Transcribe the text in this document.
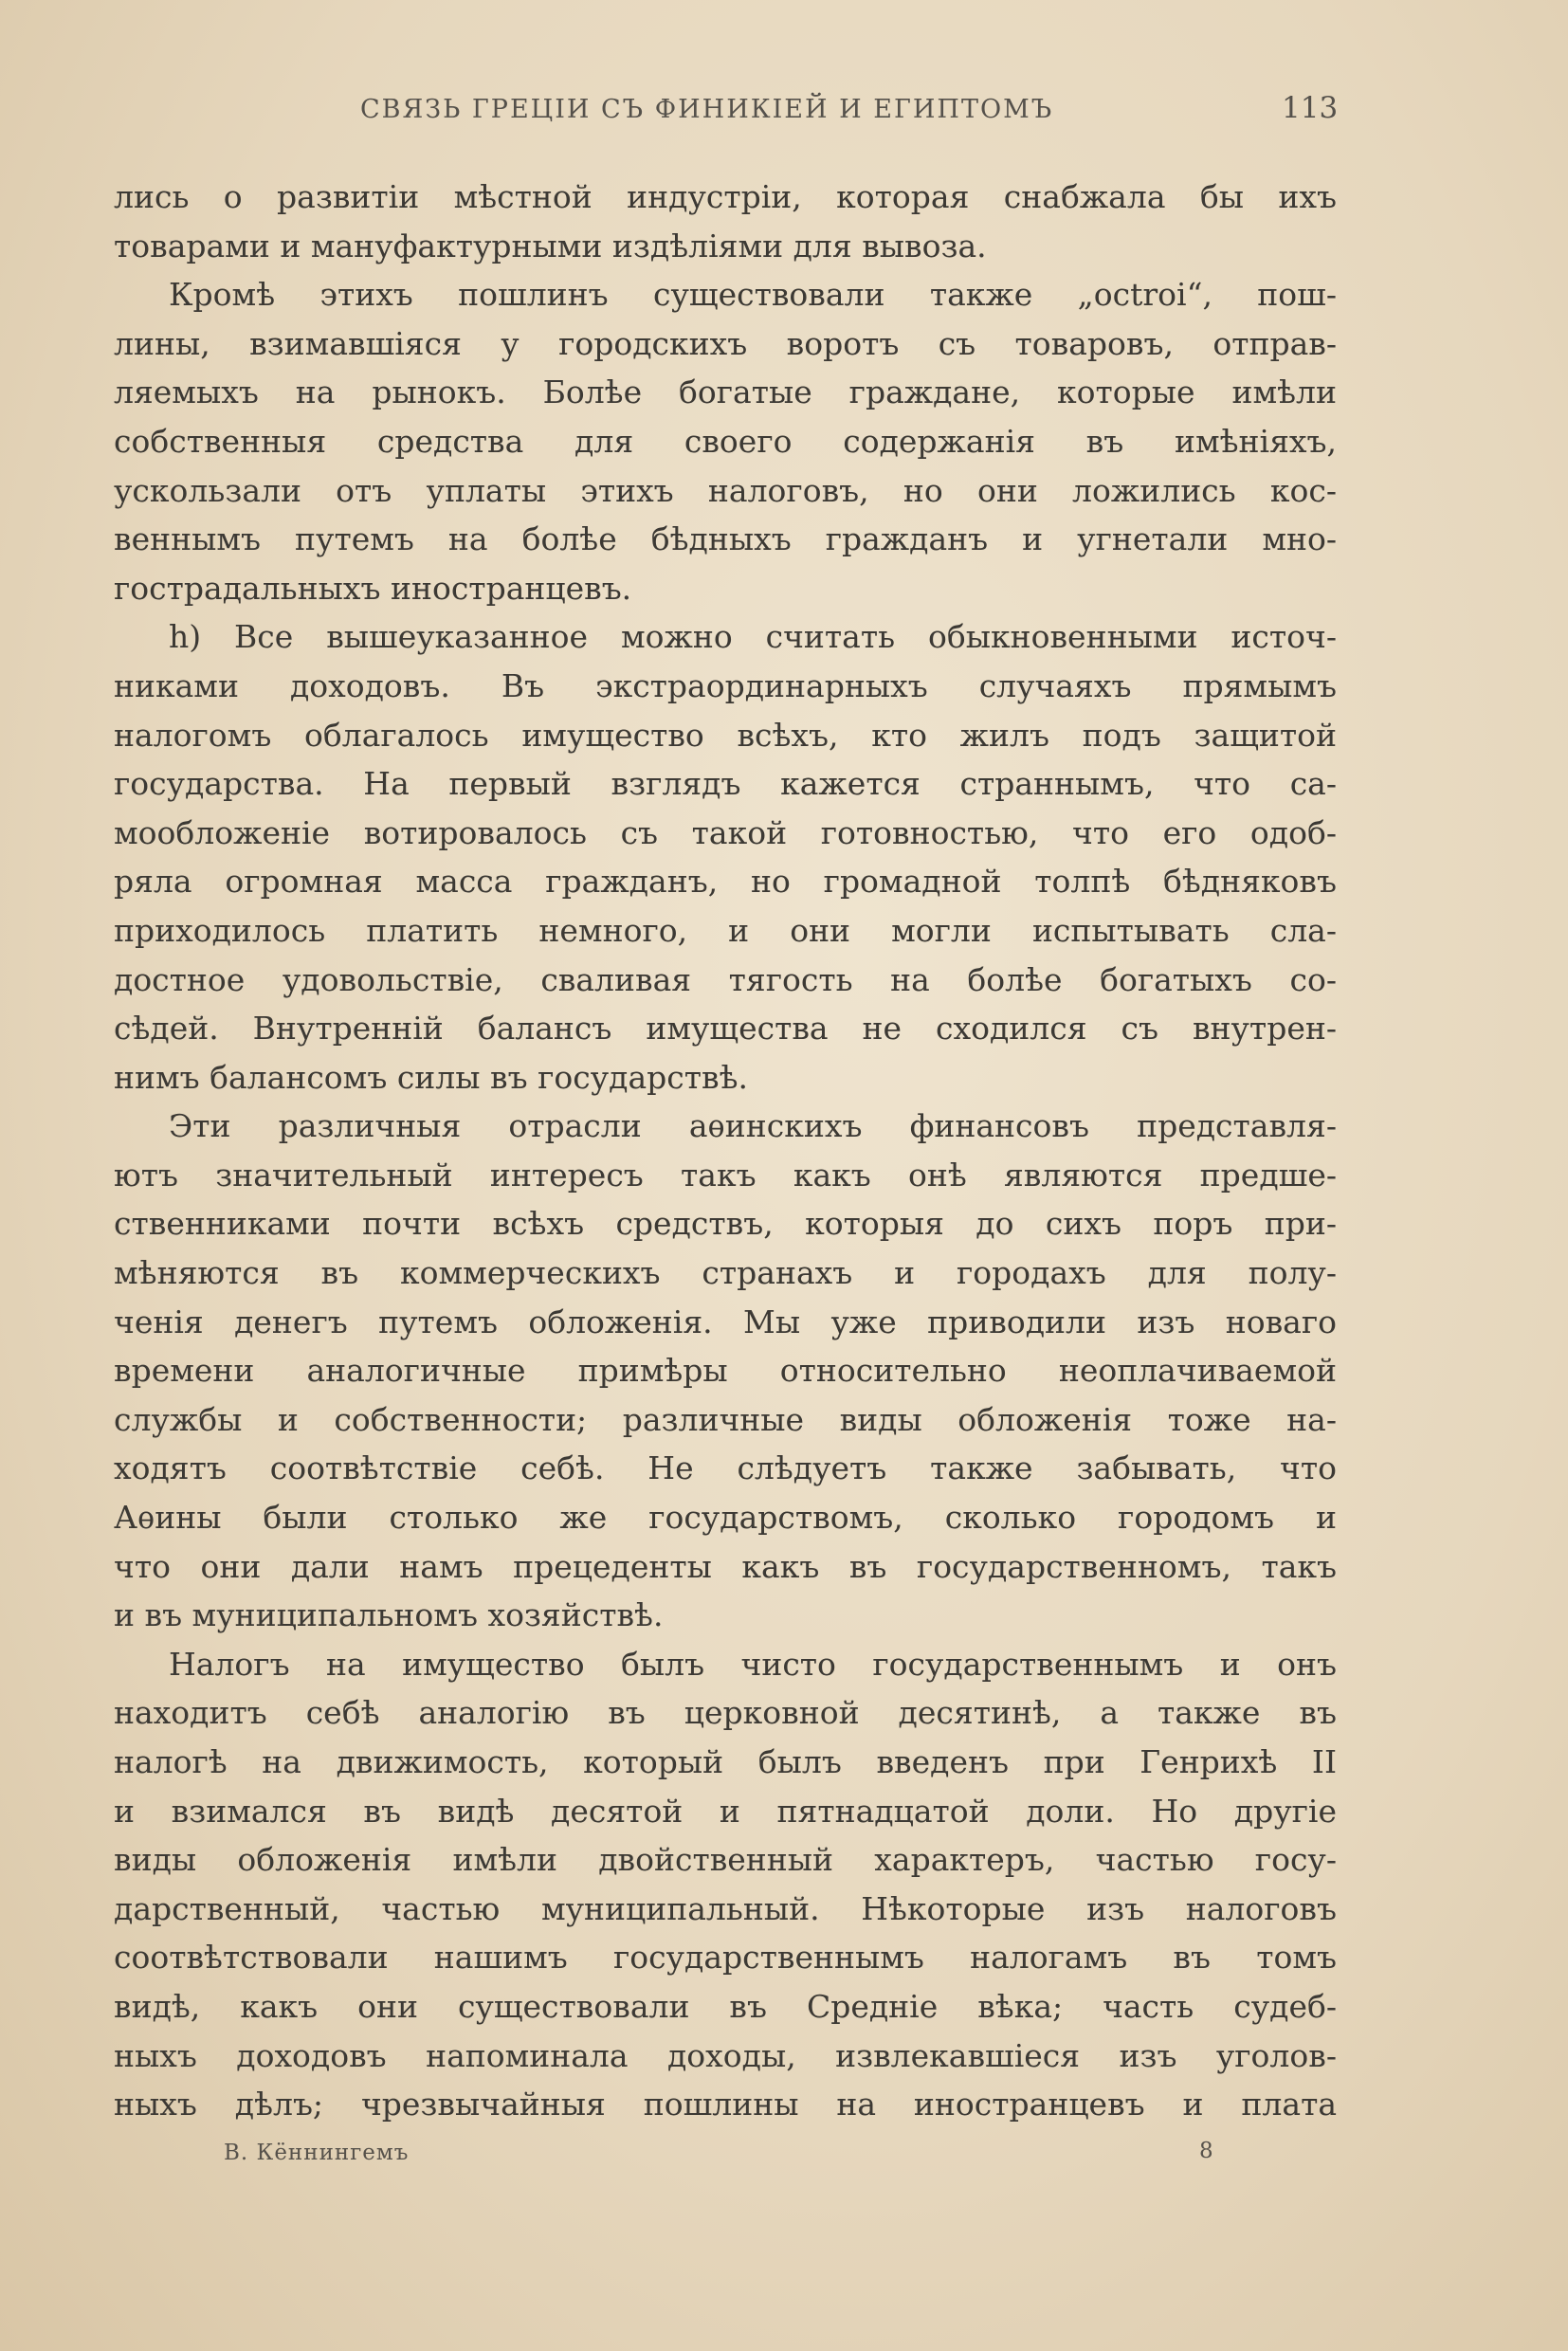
СВЯЗЬ ГРЕЦІИ СЪ ФИНИКІЕЙ И ЕГИПТОМЪ	113
лись о развитіи мѣстной индустріи, которая снабжала бы ихъ
товарами и мануфактурными издѣліями для вывоза.
Кромѣ этихъ пошлинъ существовали также „octroi“, пош-
лины, взимавшіяся у городскихъ воротъ съ товаровъ, отправ-
ляемыхъ на рынокъ. Болѣе богатые граждане, которые имѣли
собственныя средства для своего содержанія въ имѣніяхъ,
ускользали отъ уплаты этихъ налоговъ, но они ложились кос-
веннымъ путемъ на болѣе бѣдныхъ гражданъ и угнетали мно-
гострадальныхъ иностранцевъ.
h) Все вышеуказанное можно считать обыкновенными источ-
никами доходовъ. Въ экстраординарныхъ случаяхъ прямымъ
налогомъ облагалось имущество всѣхъ, кто жилъ подъ защитой
государства. На первый взглядъ кажется страннымъ, что са-
мообложеніе вотировалось съ такой готовностью, что его одоб-
ряла огромная масса гражданъ, но громадной толпѣ бѣдняковъ
приходилось платить немного, и они могли испытывать сла-
достное удовольствіе, сваливая тягость на болѣе богатыхъ со-
сѣдей. Внутренній балансъ имущества не сходился съ внутрен-
нимъ балансомъ силы въ государствѣ.
Эти различныя отрасли аѳинскихъ финансовъ представля-
ютъ значительный интересъ такъ какъ онѣ являются предше-
ственниками почти всѣхъ средствъ, которыя до сихъ поръ при-
мѣняются въ коммерческихъ странахъ и городахъ для полу-
ченія денегъ путемъ обложенія. Мы уже приводили изъ новаго
времени аналогичные примѣры относительно неоплачиваемой
службы и собственности; различные виды обложенія тоже на-
ходятъ соотвѣтствіе себѣ. Не слѣдуетъ также забывать, что
Аѳины были столько же государствомъ, сколько городомъ и
что они дали намъ прецеденты какъ въ государственномъ, такъ
и въ муниципальномъ хозяйствѣ.
Налогъ на имущество былъ чисто государственнымъ и онъ
находитъ себѣ аналогію въ церковной десятинѣ, а также въ
налогѣ на движимость, который былъ введенъ при Генрихѣ II
и взимался въ видѣ десятой и пятнадцатой доли. Но другіе
виды обложенія имѣли двойственный характеръ, частью госу-
дарственный, частью муниципальный. Нѣкоторые изъ налоговъ
соотвѣтствовали нашимъ государственнымъ налогамъ въ томъ
видѣ, какъ они существовали въ Средніе вѣка; часть судеб-
ныхъ доходовъ напоминала доходы, извлекавшіеся изъ уголов-
ныхъ дѣлъ; чрезвычайныя пошлины на иностранцевъ и плата
В. Кённингемъ	8
